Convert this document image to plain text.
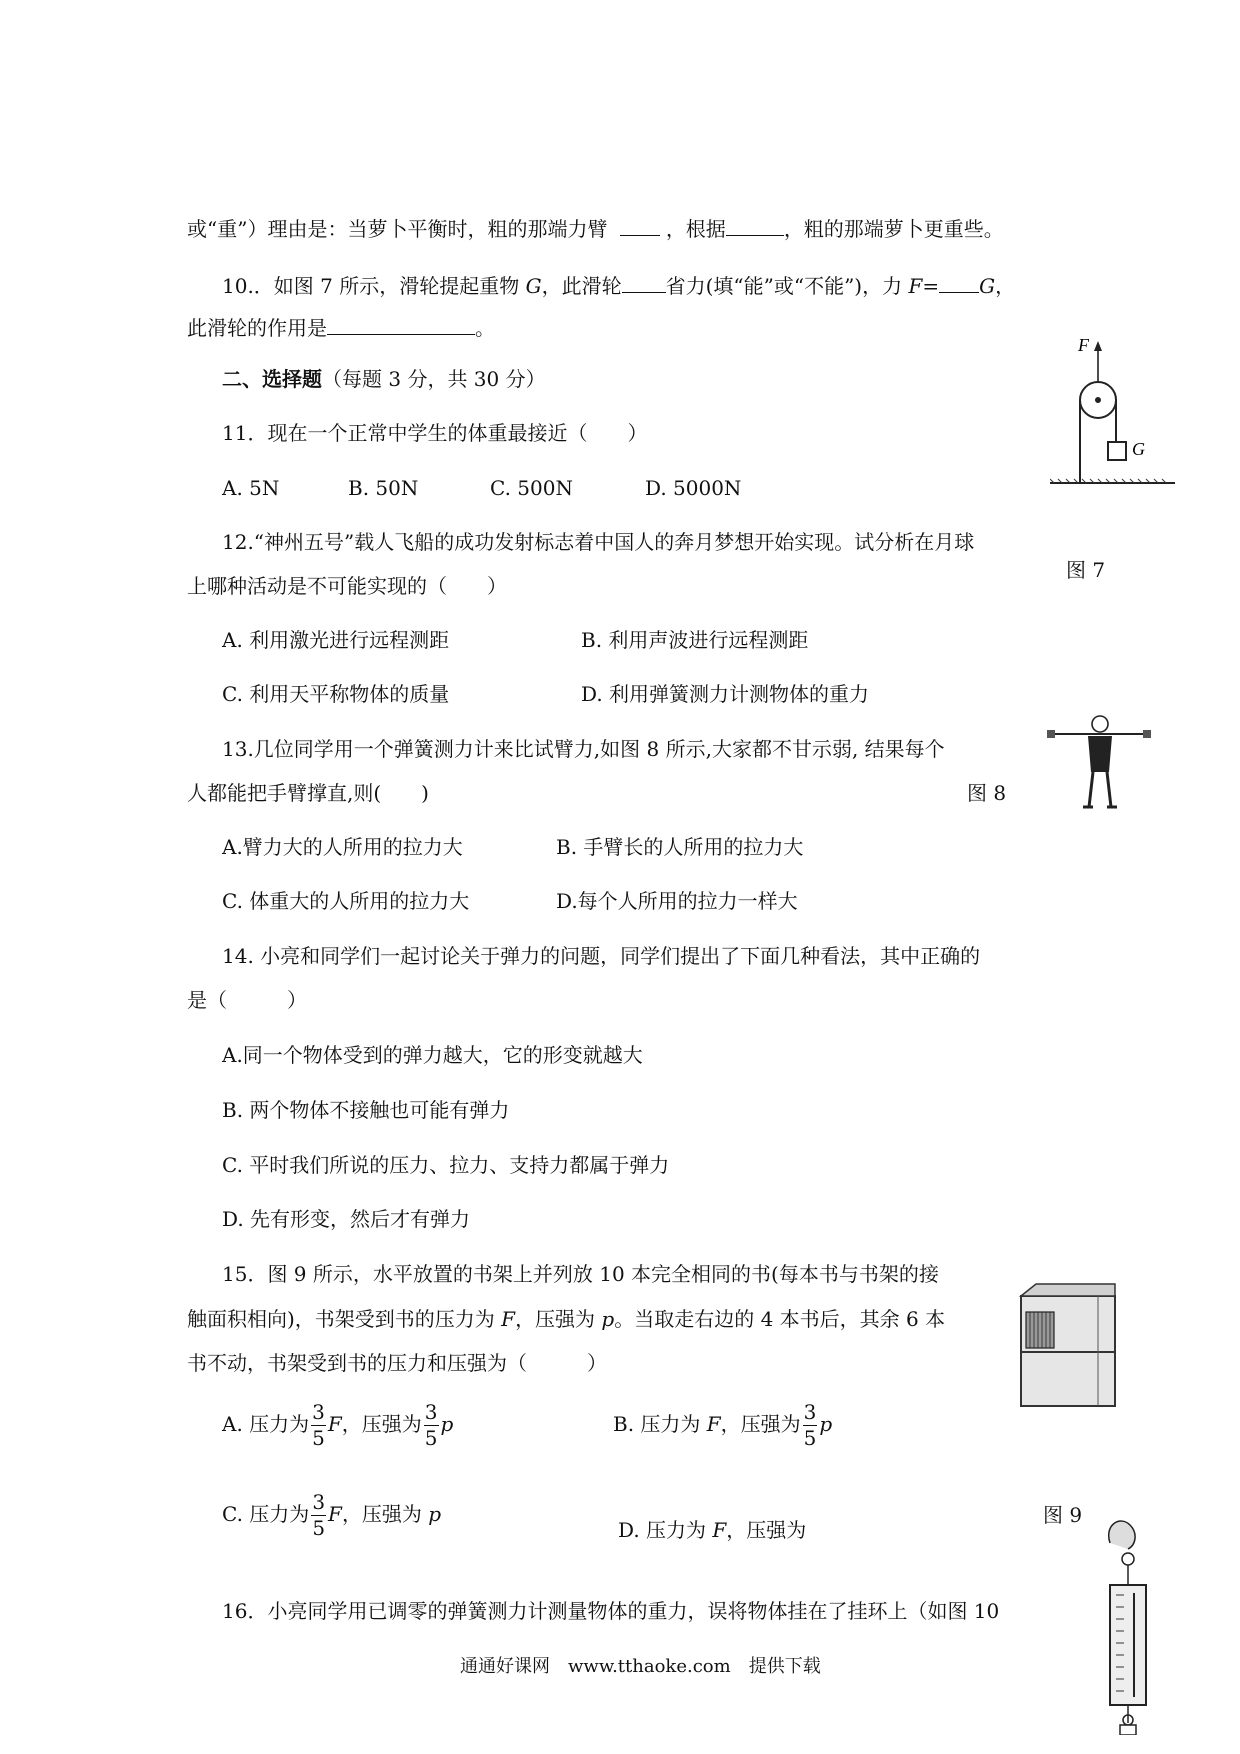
或“重”）理由是：当萝卜平衡时，粗的那端力臂	，根据	，粗的那端萝卜更重些。
10.．如图 7 所示，滑轮提起重物 G，此滑轮 省力(填“能”或“不能”)，力 F= G，
此滑轮的作用是	。
二、选择题（每题 3 分，共 30 分）
11．现在一个正常中学生的体重最接近（　　）
A. 5N	B. 50N	C. 500N	D. 5000N
12.“神州五号”载人飞船的成功发射标志着中国人的奔月梦想开始实现。试分析在月球
上哪种活动是不可能实现的（　　）
A. 利用激光进行远程测距	B. 利用声波进行远程测距
C. 利用天平称物体的质量	D. 利用弹簧测力计测物体的重力
13.几位同学用一个弹簧测力计来比试臂力,如图 8 所示,大家都不甘示弱, 结果每个
人都能把手臂撑直,则(　　)
A.臂力大的人所用的拉力大	B. 手臂长的人所用的拉力大
C. 体重大的人所用的拉力大	D.每个人所用的拉力一样大
14. 小亮和同学们一起讨论关于弹力的问题，同学们提出了下面几种看法，其中正确的
是（　　　）
A.同一个物体受到的弹力越大，它的形变就越大
B. 两个物体不接触也可能有弹力
C. 平时我们所说的压力、拉力、支持力都属于弹力
D. 先有形变，然后才有弹力
15．图 9 所示，水平放置的书架上并列放 10 本完全相同的书(每本书与书架的接
触面积相向)，书架受到书的压力为 F，压强为 p。当取走右边的 4 本书后，其余 6 本
书不动，书架受到书的压力和压强为（　　　）
A. 压力为 $\frac{3}{5}$ F，压强为 $\frac{3}{5}$ p	B. 压力为 F，压强为 $\frac{3}{5}$ p
C. 压力为 $\frac{3}{5}$ F，压强为 p
D. 压力为 F，压强为
16．小亮同学用已调零的弹簧测力计测量物体的重力，误将物体挂在了挂环上（如图 10
通通好课网　www.tthaoke.com　提供下载
F
G
图 7
图 8
图 9
